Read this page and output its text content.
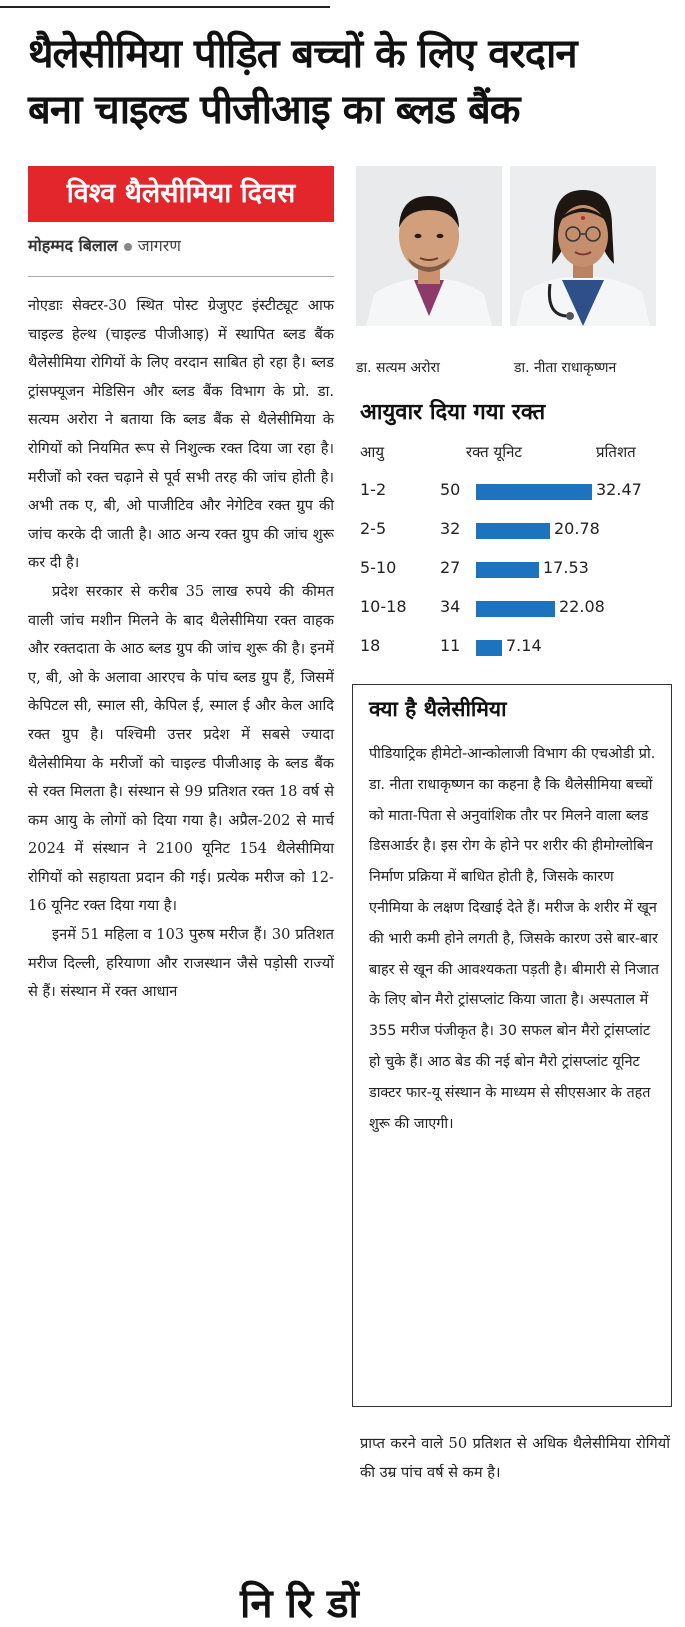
थैलेसीमिया पीड़ित बच्चों के लिए वरदान
बना चाइल्ड पीजीआइ का ब्लड बैंक
विश्व थैलेसीमिया दिवस
मोहम्मद बिलाल जागरण

नोएडाः सेक्टर-30 स्थित पोस्ट ग्रेजुएट इंस्टीट्यूट आफ चाइल्ड हेल्थ (चाइल्ड पीजीआइ) में स्थापित ब्लड बैंक थैलेसीमिया रोगियों के लिए वरदान साबित हो रहा है। ब्लड ट्रांसफ्यूजन मेडिसिन और ब्लड बैंक विभाग के प्रो. डा. सत्यम अरोरा ने बताया कि ब्लड बैंक से थैलेसीमिया के रोगियों को नियमित रूप से निशुल्क रक्त दिया जा रहा है। मरीजों को रक्त चढ़ाने से पूर्व सभी तरह की जांच होती है। अभी तक ए, बी, ओ पाजीटिव और नेगेटिव रक्त ग्रुप की जांच करके दी जाती है। आठ अन्य रक्त ग्रुप की जांच शुरू कर दी है।

प्रदेश सरकार से करीब 35 लाख रुपये की कीमत वाली जांच मशीन मिलने के बाद थैलेसीमिया रक्त वाहक और रक्तदाता के आठ ब्लड ग्रुप की जांच शुरू की है। इनमें ए, बी, ओ के अलावा आरएच के पांच ब्लड ग्रुप हैं, जिसमें केपिटल सी, स्माल सी, केपिल ई, स्माल ई और केल आदि रक्त ग्रुप है। पश्चिमी उत्तर प्रदेश में सबसे ज्यादा थैलेसीमिया के मरीजों को चाइल्ड पीजीआइ के ब्लड बैंक से रक्त मिलता है। संस्थान से 99 प्रतिशत रक्त 18 वर्ष से कम आयु के लोगों को दिया गया है। अप्रैल-202 से मार्च 2024 में संस्थान ने 2100 यूनिट 154 थैलेसीमिया रोगियों को सहायता प्रदान की गई। प्रत्येक मरीज को 12-16 यूनिट रक्त दिया गया है।

इनमें 51 महिला व 103 पुरुष मरीज हैं। 30 प्रतिशत मरीज दिल्ली, हरियाणा और राजस्थान जैसे पड़ोसी राज्यों से हैं। संस्थान में रक्त आधान

डा. सत्यम अरोरा	डा. नीता राधाकृष्णन
आयुवार दिया गया रक्त
आयु	रक्त यूनिट	प्रतिशत
1-2	50	32.47
2-5	32	20.78
5-10	27	17.53
10-18 34	22.08
18	11	7.14
क्या है थैलेसीमिया

पीडियाट्रिक हीमेटो-आन्कोलाजी विभाग की एचओडी प्रो. डा. नीता राधाकृष्णन का कहना है कि थैलेसीमिया बच्चों को माता-पिता से अनुवांशिक तौर पर मिलने वाला ब्लड डिसआर्डर है। इस रोग के होने पर शरीर की हीमोग्लोबिन निर्माण प्रक्रिया में बाधित होती है, जिसके कारण एनीमिया के लक्षण दिखाई देते हैं। मरीज के शरीर में खून की भारी कमी होने लगती है, जिसके कारण उसे बार-बार बाहर से खून की आवश्यकता पड़ती है। बीमारी से निजात के लिए बोन मैरो ट्रांसप्लांट किया जाता है। अस्पताल में 355 मरीज पंजीकृत है। 30 सफल बोन मैरो ट्रांसप्लांट हो चुके हैं। आठ बेड की नई बोन मैरो ट्रांसप्लांट यूनिट डाक्टर फार-यू संस्थान के माध्यम से सीएसआर के तहत शुरू की जाएगी।

प्राप्त करने वाले 50 प्रतिशत से अधिक थैलेसीमिया रोगियों की उम्र पांच वर्ष से कम है।

नि रि डों
